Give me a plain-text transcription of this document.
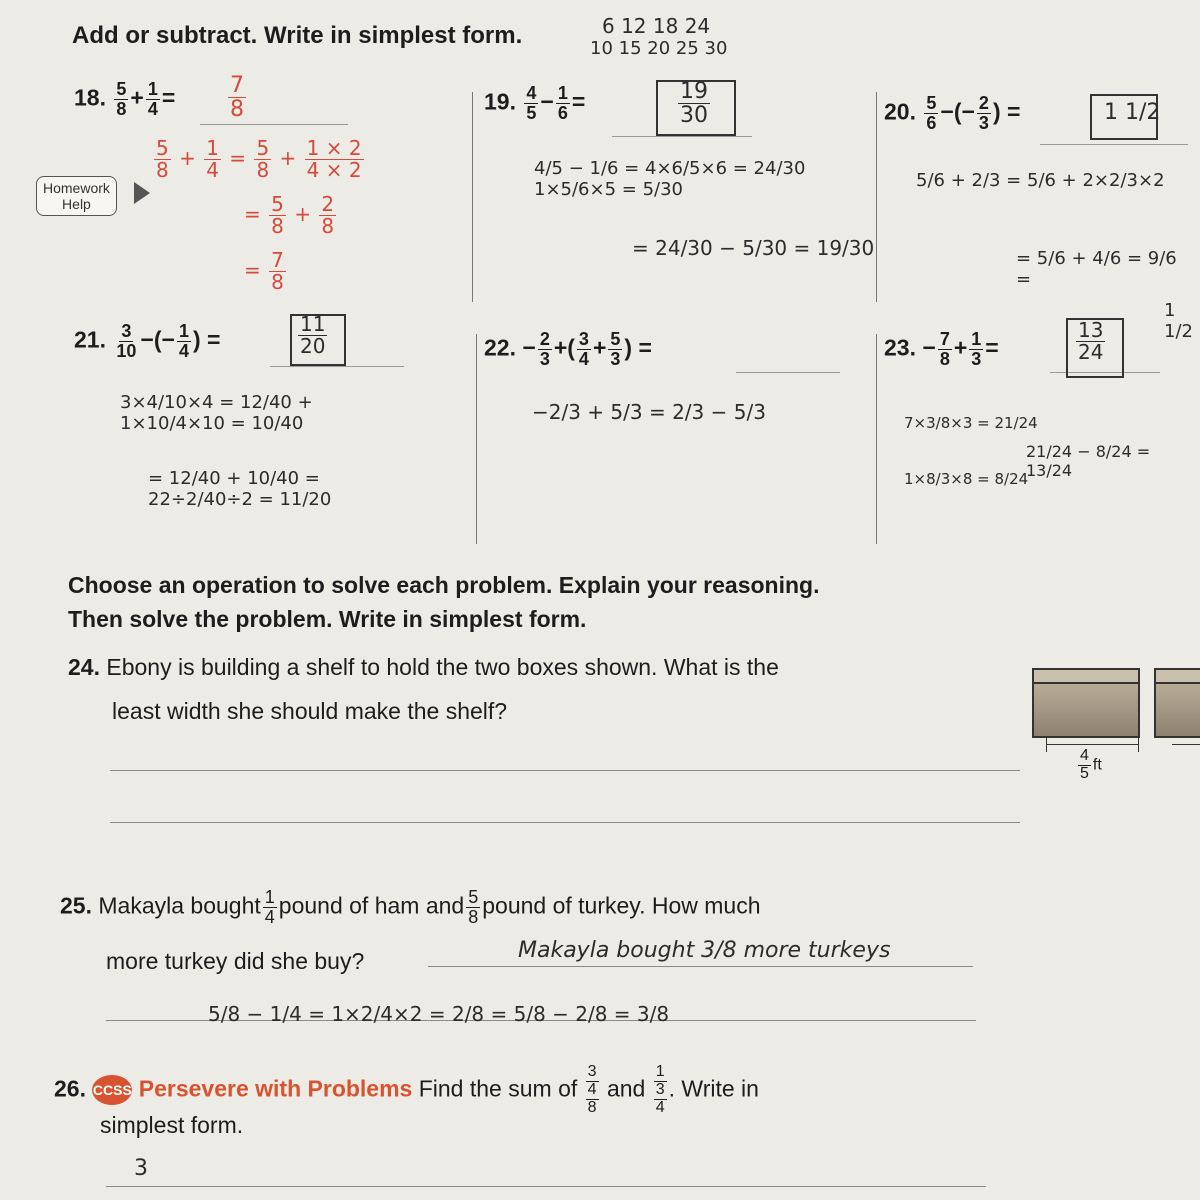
6 12 18 24
10 15 20 25 30
Add or subtract. Write in simplest form.
18. $\frac{5}{8} + \frac{1}{4} = \frac{7}{8}$
Homework
Help
$\frac{5}{8} + \frac{1}{4} = \frac{5}{8} + \frac{1 \times 2}{4 \times 2}$
= $\frac{5}{8} + \frac{2}{8}$
= $\frac{7}{8}$
19. $\frac{4}{5} - \frac{1}{6}$ =	$\frac{19}{30}$
4/5 − 1/6 = 4×6/5×6 = 24/30 1×5/6×5 = 5/30
= 24/30 − 5/30 = 19/30
20. $\frac{5}{6}$ −(− $\frac{2}{3}$ ) =	1 1/2
5/6 + 2/3 = 5/6 + 2×2/3×2
= 5/6 + 4/6 = 9/6 =
1 1/2
21. $\frac{3}{10}$ −(− $\frac{1}{4}$ ) =	$\frac{11}{20}$
3×4/10×4 = 12/40 + 1×10/4×10 = 10/40
= 12/40 + 10/40 = 22÷2/40÷2 = 11/20
22. − $\frac{2}{3}$ +( $\frac{3}{4} + \frac{5}{3}$ ) =
−2/3 + 5/3 = 2/3 − 5/3
23. − $\frac{7}{8} + \frac{1}{3}$ =	$\frac{13}{24}$
7×3/8×3 = 21/24
1×8/3×8 = 8/24
21/24 − 8/24 = 13/24
Choose an operation to solve each problem. Explain your reasoning.
Then solve the problem. Write in simplest form.
24. Ebony is building a shelf to hold the two boxes shown. What is the
least width she should make the shelf?
$\frac{4}{5}$ ft
25. Makayla bought $\frac{1}{4}$ pound of ham and $\frac{5}{8}$ pound of turkey. How much
more turkey did she buy?	Makayla bought 3/8 more turkeys
5/8 − 1/4 = 1×2/4×2 = 2/8 = 5/8 − 2/8 = 3/8
26. CCSS Persevere with Problems Find the sum of
3
4
8
and
1
3
4
. Write in
simplest form.
3
